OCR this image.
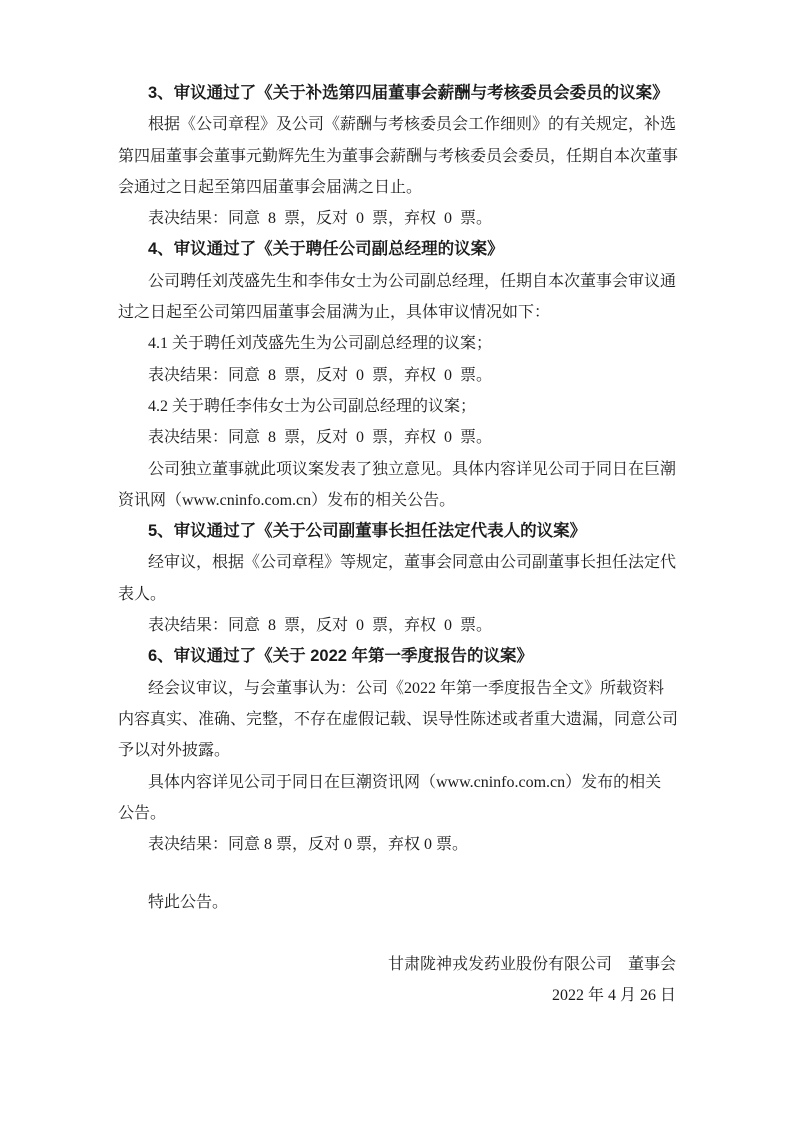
3、审议通过了《关于补选第四届董事会薪酬与考核委员会委员的议案》
根据《公司章程》及公司《薪酬与考核委员会工作细则》的有关规定，补选
第四届董事会董事元勤辉先生为董事会薪酬与考核委员会委员，任期自本次董事
会通过之日起至第四届董事会届满之日止。
表决结果：同意 8 票，反对 0 票，弃权 0 票。
4、审议通过了《关于聘任公司副总经理的议案》
公司聘任刘茂盛先生和李伟女士为公司副总经理，任期自本次董事会审议通
过之日起至公司第四届董事会届满为止，具体审议情况如下：
4.1 关于聘任刘茂盛先生为公司副总经理的议案；
表决结果：同意 8 票，反对 0 票，弃权 0 票。
4.2 关于聘任李伟女士为公司副总经理的议案；
表决结果：同意 8 票，反对 0 票，弃权 0 票。
公司独立董事就此项议案发表了独立意见。具体内容详见公司于同日在巨潮
资讯网（www.cninfo.com.cn）发布的相关公告。
5、审议通过了《关于公司副董事长担任法定代表人的议案》
经审议，根据《公司章程》等规定，董事会同意由公司副董事长担任法定代
表人。
表决结果：同意 8 票，反对 0 票，弃权 0 票。
6、审议通过了《关于 2022 年第一季度报告的议案》
经会议审议，与会董事认为：公司《2022 年第一季度报告全文》所载资料
内容真实、准确、完整，不存在虚假记载、误导性陈述或者重大遗漏，同意公司
予以对外披露。
具体内容详见公司于同日在巨潮资讯网（www.cninfo.com.cn）发布的相关
公告。
表决结果：同意 8 票，反对 0 票，弃权 0 票。
特此公告。
甘肃陇神戎发药业股份有限公司　董事会
2022 年 4 月 26 日
